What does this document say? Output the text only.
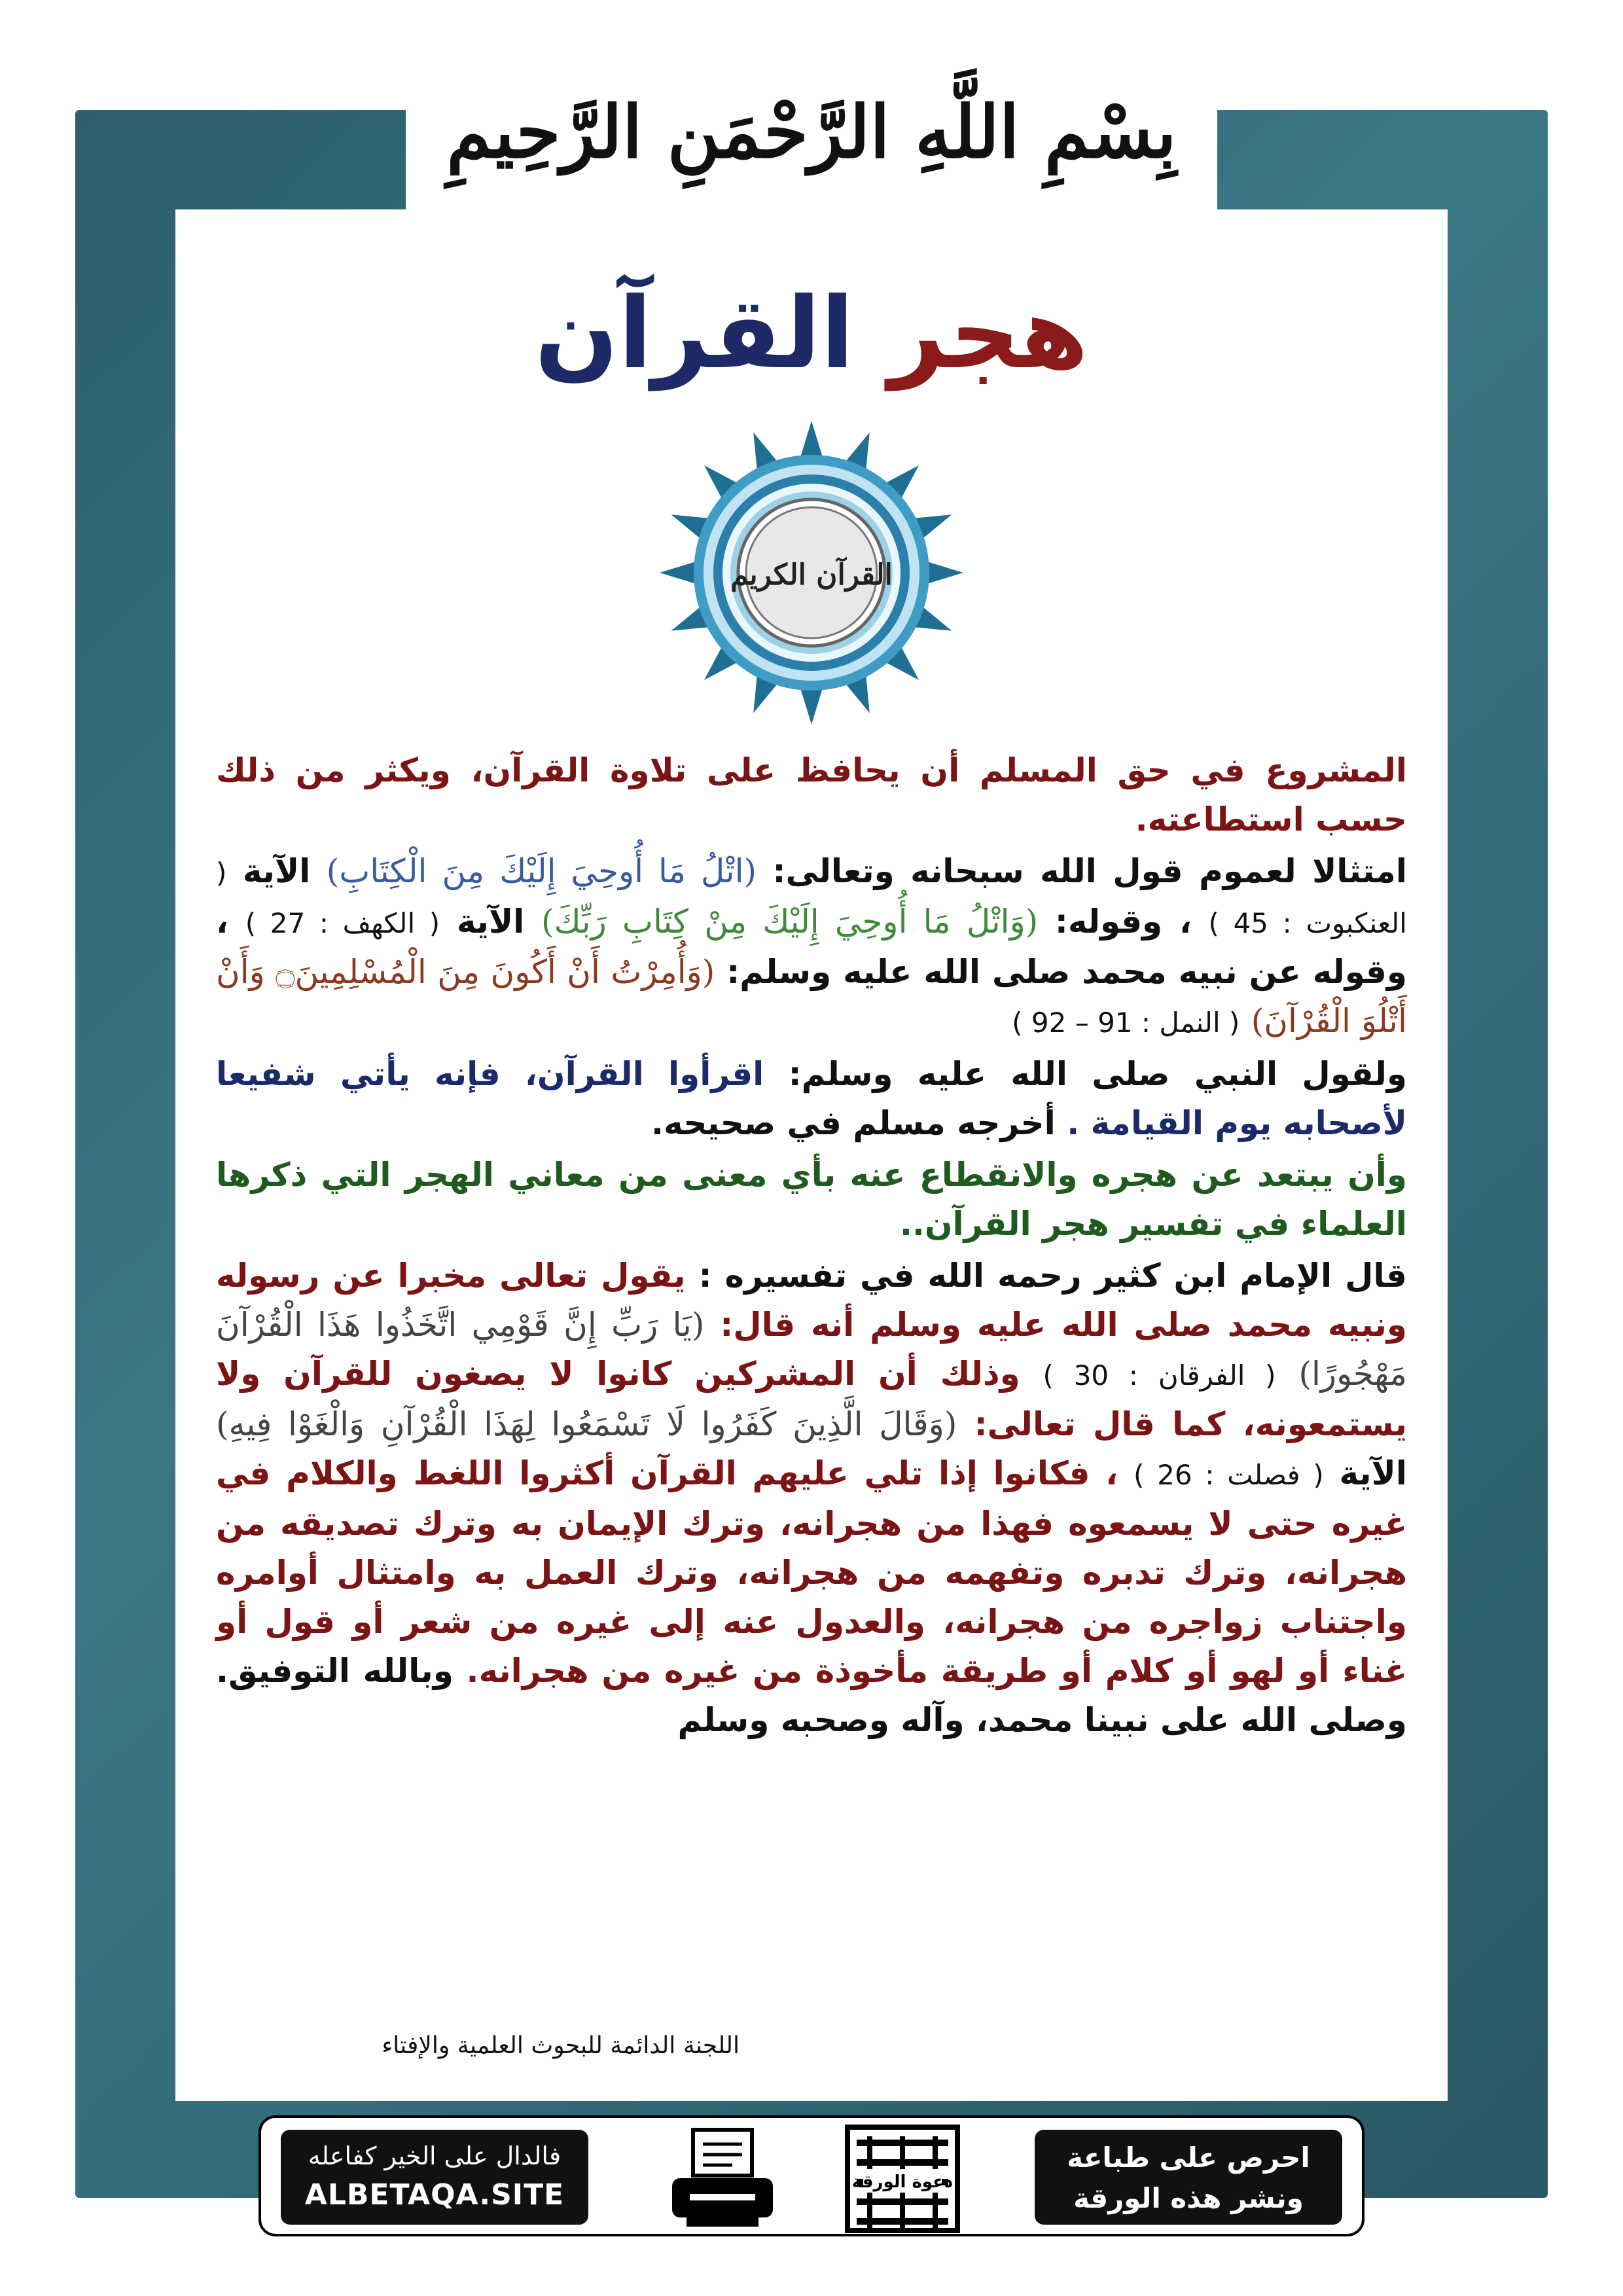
بِسْمِ اللَّهِ الرَّحْمَنِ الرَّحِيمِ
هجر القرآن
القرآن الكريم

المشروع في حق المسلم أن يحافظ على تلاوة القرآن، ويكثر من ذلك حسب استطاعته.

امتثالا لعموم قول الله سبحانه وتعالى: (اتْلُ مَا أُوحِيَ إِلَيْكَ مِنَ الْكِتَابِ) الآية ( العنكبوت : 45 ) ، وقوله: (وَاتْلُ مَا أُوحِيَ إِلَيْكَ مِنْ كِتَابِ رَبِّكَ) الآية ( الكهف : 27 ) ، وقوله عن نبيه محمد صلى الله عليه وسلم: (وَأُمِرْتُ أَنْ أَكُونَ مِنَ الْمُسْلِمِينَ۝ وَأَنْ أَتْلُوَ الْقُرْآنَ) ( النمل : 91 – 92 )

ولقول النبي صلى الله عليه وسلم: اقرأوا القرآن، فإنه يأتي شفيعا لأصحابه يوم القيامة . أخرجه مسلم في صحيحه.

وأن يبتعد عن هجره والانقطاع عنه بأي معنى من معاني الهجر التي ذكرها العلماء في تفسير هجر القرآن..

قال الإمام ابن كثير رحمه الله في تفسيره : يقول تعالى مخبرا عن رسوله ونبيه محمد صلى الله عليه وسلم أنه قال: (يَا رَبِّ إِنَّ قَوْمِي اتَّخَذُوا هَذَا الْقُرْآنَ مَهْجُورًا) ( الفرقان : 30 ) وذلك أن المشركين كانوا لا يصغون للقرآن ولا يستمعونه، كما قال تعالى: (وَقَالَ الَّذِينَ كَفَرُوا لَا تَسْمَعُوا لِهَذَا الْقُرْآنِ وَالْغَوْا فِيهِ) الآية ( فصلت : 26 ) ، فكانوا إذا تلي عليهم القرآن أكثروا اللغط والكلام في غيره حتى لا يسمعوه فهذا من هجرانه، وترك الإيمان به وترك تصديقه من هجرانه، وترك تدبره وتفهمه من هجرانه، وترك العمل به وامتثال أوامره واجتناب زواجره من هجرانه، والعدول عنه إلى غيره من شعر أو قول أو غناء أو لهو أو كلام أو طريقة مأخوذة من غيره من هجرانه. وبالله التوفيق. وصلى الله على نبينا محمد، وآله وصحبه وسلم

اللجنة الدائمة للبحوث العلمية والإفتاء
فالدال على الخير كفاعله
ALBETAQA.SITE	دعوة الورقة
احرص على طباعة
ونشر هذه الورقة
